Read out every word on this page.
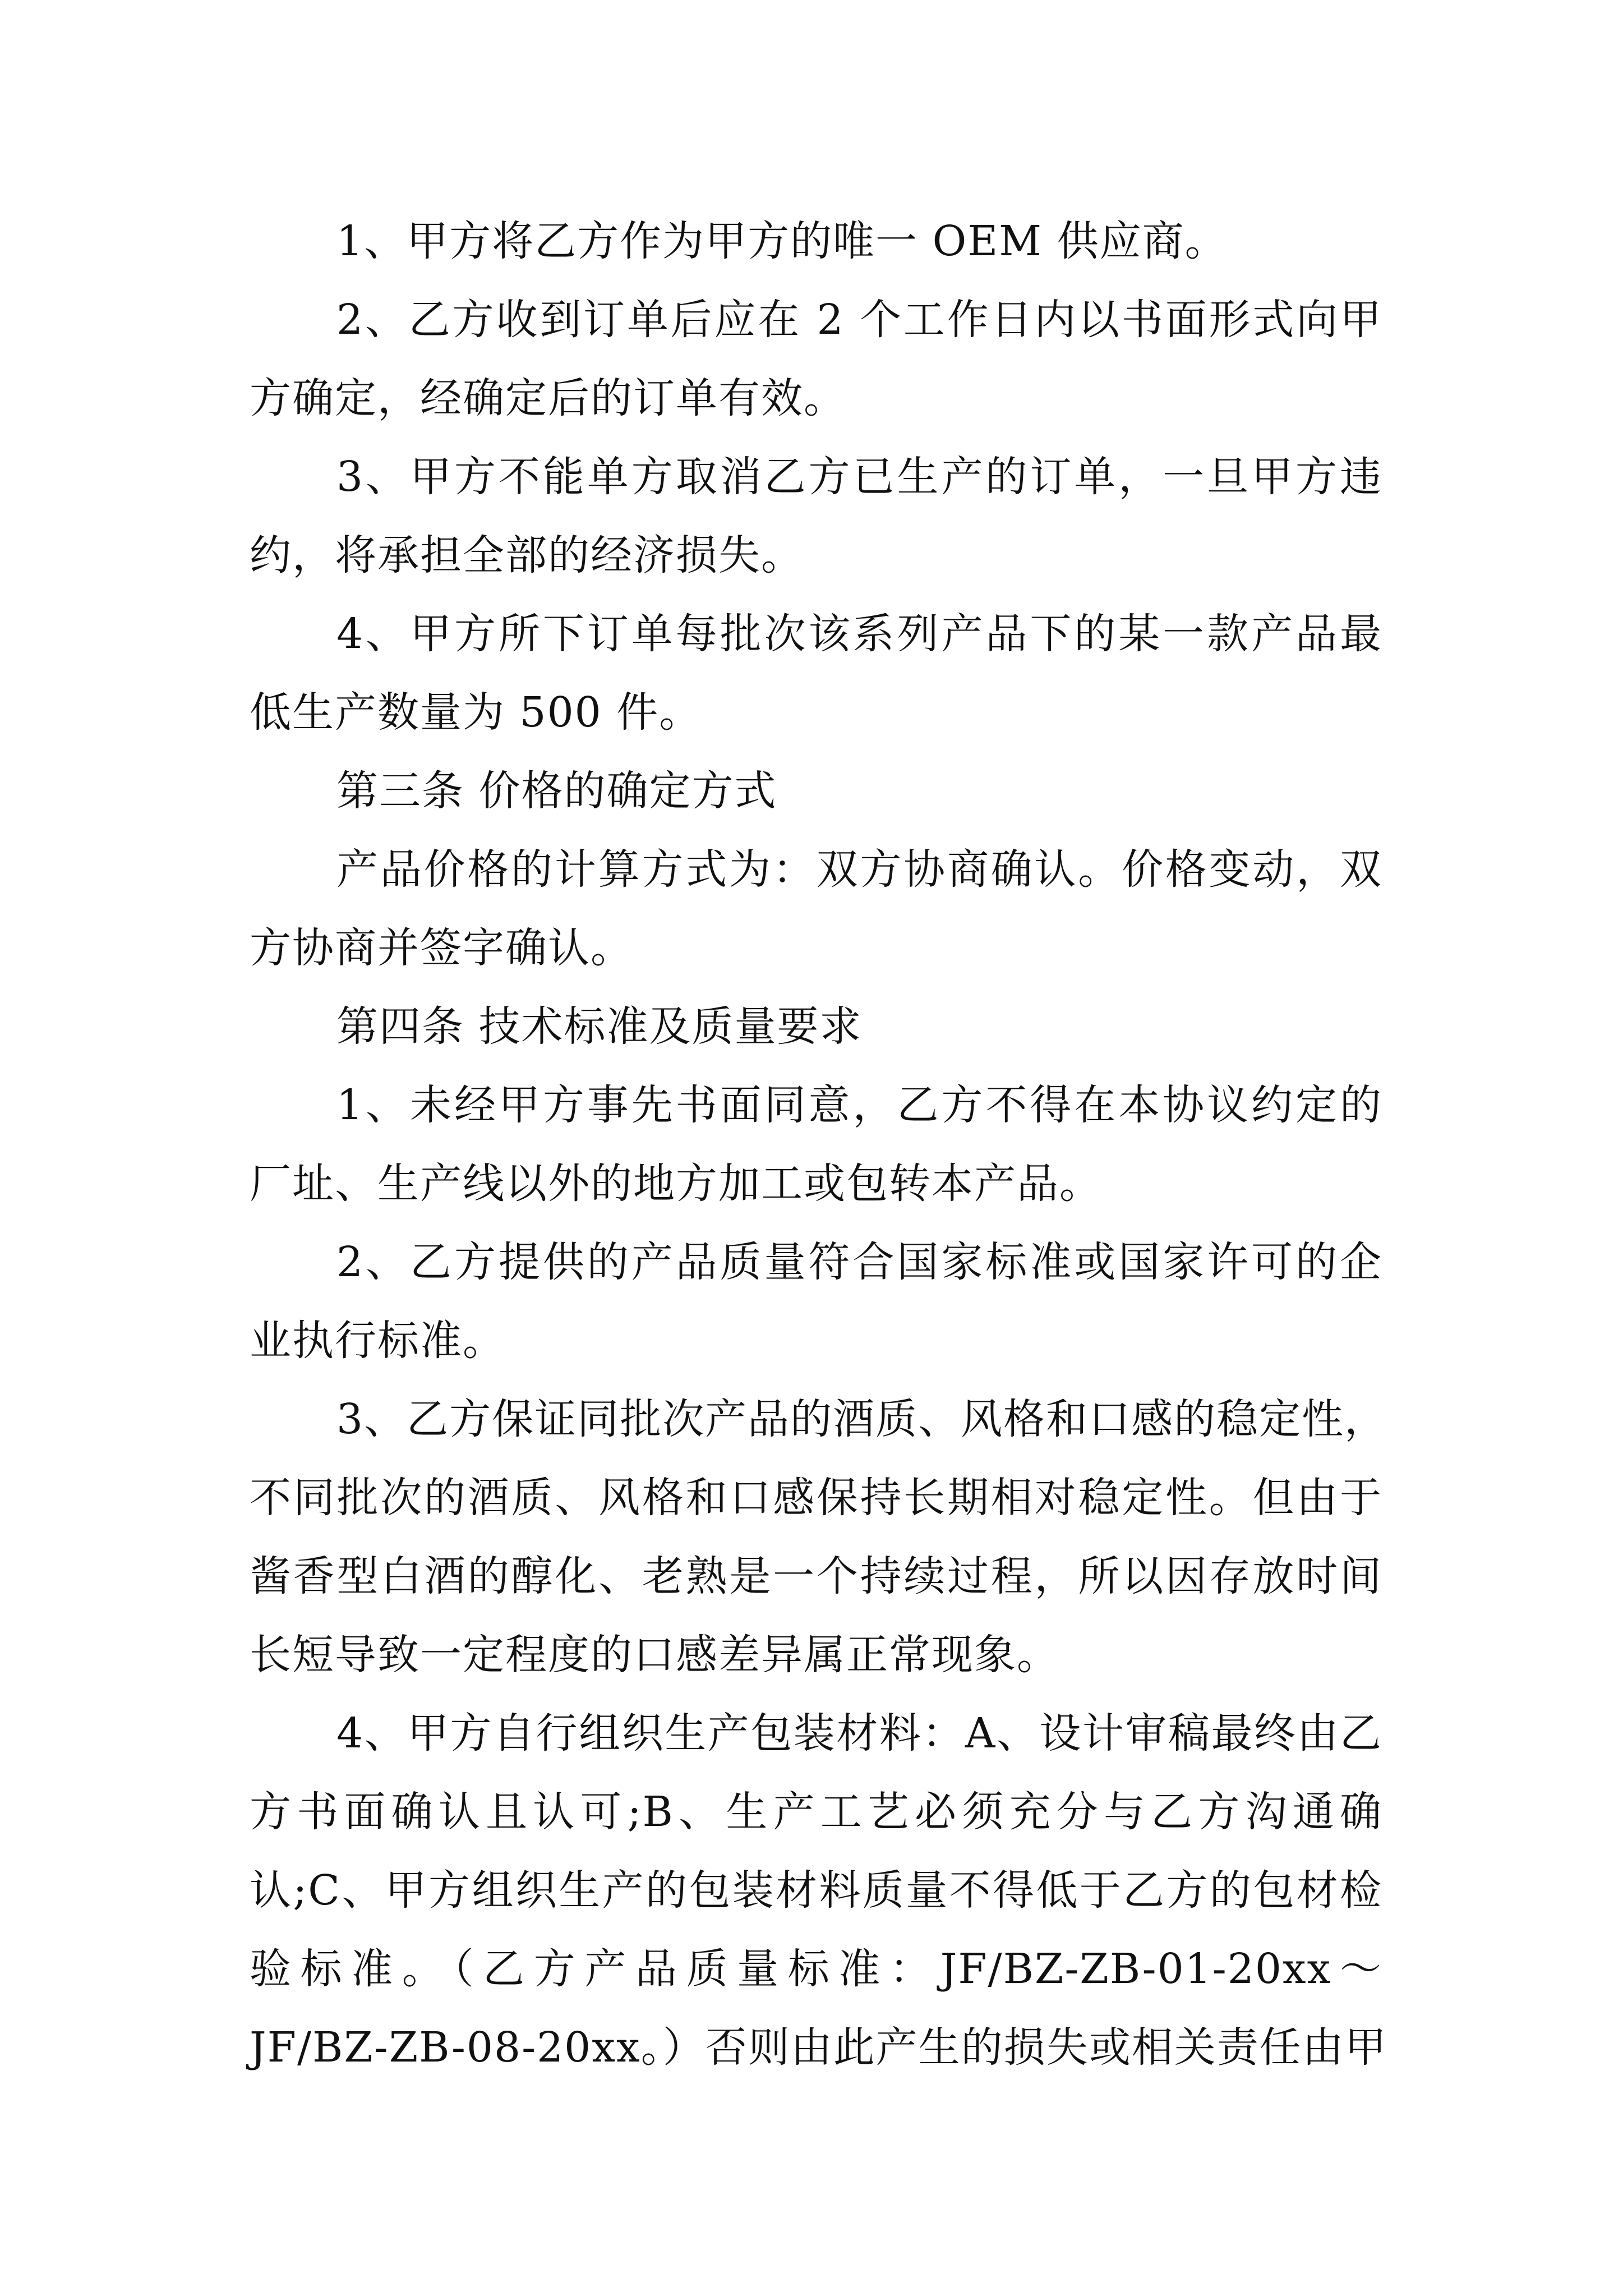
1、甲方将乙方作为甲方的唯一 OEM 供应商。
2、乙方收到订单后应在 2 个工作日内以书面形式向甲
方确定，经确定后的订单有效。
3、甲方不能单方取消乙方已生产的订单，一旦甲方违
约，将承担全部的经济损失。
4、甲方所下订单每批次该系列产品下的某一款产品最
低生产数量为 500 件。
第三条 价格的确定方式
产品价格的计算方式为：双方协商确认。价格变动，双
方协商并签字确认。
第四条 技术标准及质量要求
1、未经甲方事先书面同意，乙方不得在本协议约定的
厂址、生产线以外的地方加工或包转本产品。
2、乙方提供的产品质量符合国家标准或国家许可的企
业执行标准。
3、乙方保证同批次产品的酒质、风格和口感的稳定性，
不同批次的酒质、风格和口感保持长期相对稳定性。但由于
酱香型白酒的醇化、老熟是一个持续过程，所以因存放时间
长短导致一定程度的口感差异属正常现象。
4、甲方自行组织生产包装材料：A、设计审稿最终由乙
方书面确认且认可;B、生产工艺必须充分与乙方沟通确
认;C、甲方组织生产的包装材料质量不得低于乙方的包材检
验标准。（乙方产品质量标准：JF/BZ-ZB-01-20xx～
JF/BZ-ZB-08-20xx。）否则由此产生的损失或相关责任由甲
